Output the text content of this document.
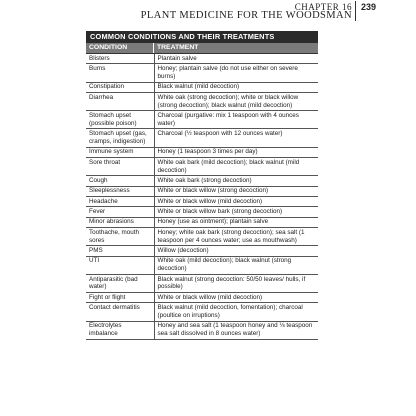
CHAPTER 16
PLANT MEDICINE FOR THE WOODSMAN
239
COMMON CONDITIONS AND THEIR TREATMENTS
CONDITION	TREATMENT
Blisters	Plantain salve
Burns	Honey; plantain salve (do not use either on severe burns)
Constipation	Black walnut (mild decoction)
Diarrhea	White oak (strong decoction); white or black willow (strong decoction); black walnut (mild decoction)
Stomach upset (possible poison)	Charcoal (purgative: mix 1 teaspoon with 4 ounces water)
Stomach upset (gas, cramps, indigestion)	Charcoal (½ teaspoon with 12 ounces water)
Immune system	Honey (1 teaspoon 3 times per day)
Sore throat	White oak bark (mild decoction); black walnut (mild decoction)
Cough	White oak bark (strong decoction)
Sleeplessness	White or black willow (strong decoction)
Headache	White or black willow (mild decoction)
Fever	White or black willow bark (strong decoction)
Minor abrasions	Honey (use as ointment); plantain salve
Toothache, mouth sores	Honey; white oak bark (strong decoction); sea salt (1 teaspoon per 4 ounces water; use as mouthwash)
PMS	Willow (decoction)
UTI	White oak (mild decoction); black walnut (strong decoction)
Antiparasitic (bad water)	Black walnut (strong decoction: 50/50 leaves/ hulls, if possible)
Fight or flight	White or black willow (mild decoction)
Contact dermatitis	Black walnut (mild decoction, fomentation); charcoal (poultice on irruptions)
Electrolytes imbalance	Honey and sea salt (1 teaspoon honey and ⅛ teaspoon sea salt dissolved in 8 ounces water)
